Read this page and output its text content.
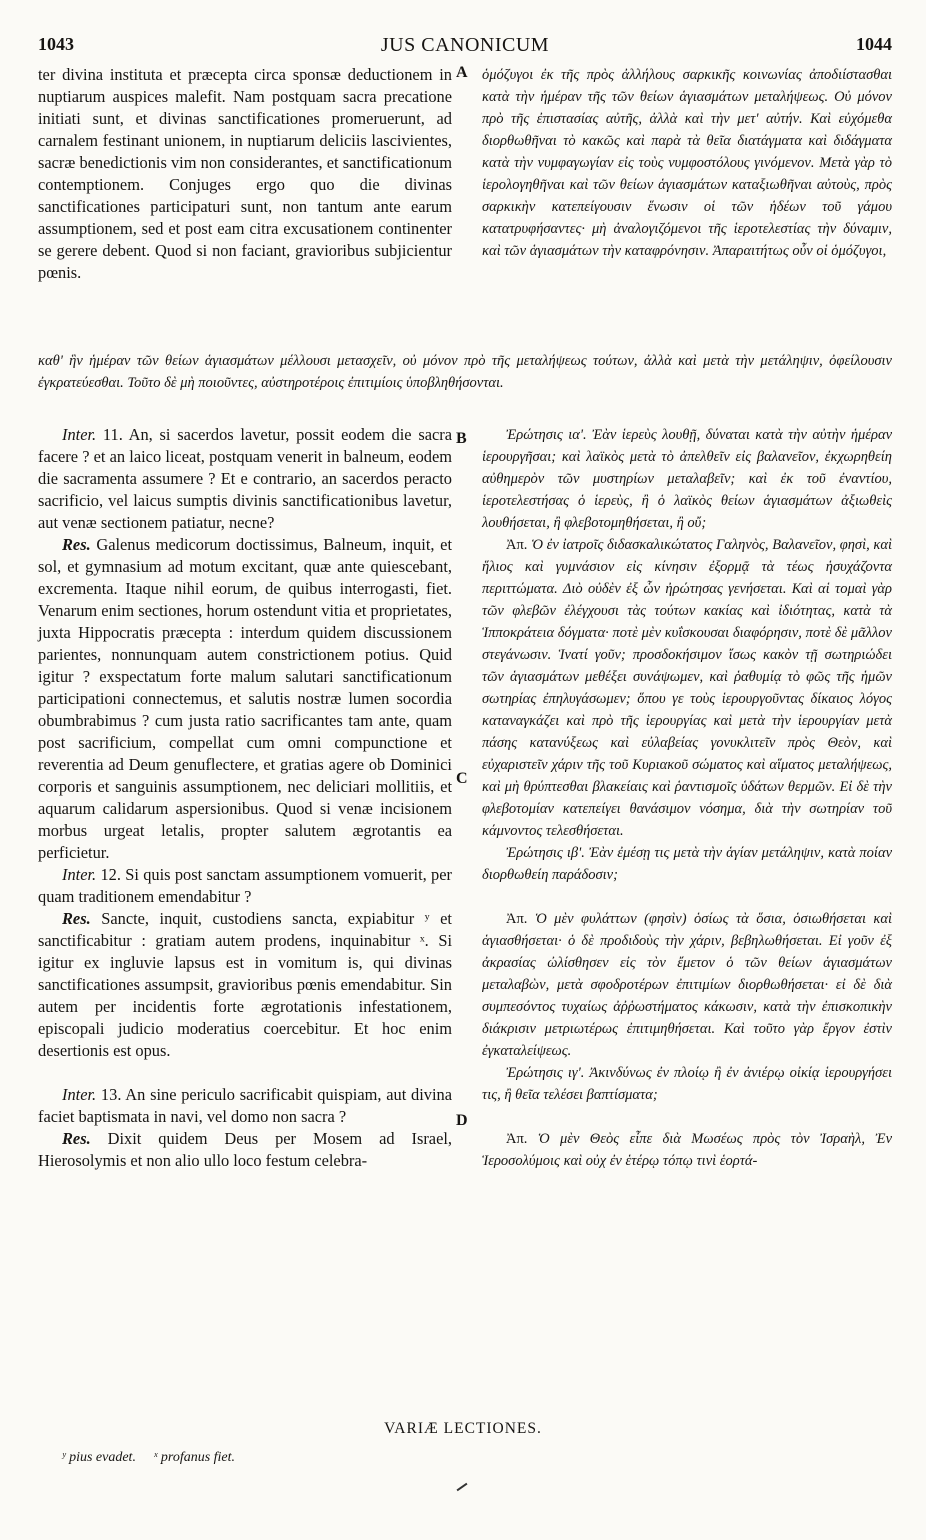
1043	JUS CANONICUM	1044
A
B
C
D

ter divina instituta et præcepta circa sponsæ deductionem in nuptiarum auspices malefit. Nam postquam sacra precatione initiati sunt, et divinas sanctificationes promeruerunt, ad carnalem festinant unionem, in nuptiarum deliciis lascivientes, sacræ benedictionis vim non considerantes, et sanctificationum contemptionem. Conjuges ergo quo die divinas sanctificationes participaturi sunt, non tantum ante earum assumptionem, sed et post eam citra excusationem continenter se gerere debent. Quod si non faciant, gravioribus subjicientur pœnis.

ὁμόζυγοι ἐκ τῆς πρὸς ἀλλήλους σαρκικῆς κοινωνίας ἀποδιίστασθαι κατὰ τὴν ἡμέραν τῆς τῶν θείων ἁγιασμάτων μεταλήψεως. Οὐ μόνον πρὸ τῆς ἐπιστασίας αὐτῆς, ἀλλὰ καὶ τὴν μετ' αὐτήν. Καὶ εὐχόμεθα διορθωθῆναι τὸ κακῶς καὶ παρὰ τὰ θεῖα διατάγματα καὶ διδάγματα κατὰ τὴν νυμφαγωγίαν εἰς τοὺς νυμφοστόλους γινόμενον. Μετὰ γὰρ τὸ ἱερολογηθῆναι καὶ τῶν θείων ἁγιασμάτων καταξιωθῆναι αὐτοὺς, πρὸς σαρκικὴν κατεπείγουσιν ἕνωσιν οἱ τῶν ἡδέων τοῦ γάμου κατατρυφήσαντες· μὴ ἀναλογιζόμενοι τῆς ἱεροτελεστίας τὴν δύναμιν, καὶ τῶν ἁγιασμάτων τὴν καταφρόνησιν. Ἀπαραιτήτως οὖν οἱ ὁμόζυγοι,

καθ' ἣν ἡμέραν τῶν θείων ἁγιασμάτων μέλλουσι μετασχεῖν, οὐ μόνον πρὸ τῆς μεταλήψεως τούτων, ἀλλὰ καὶ μετὰ τὴν μετάληψιν, ὀφείλουσιν ἐγκρατεύεσθαι. Τοῦτο δὲ μὴ ποιοῦντες, αὐστηροτέροις ἐπιτιμίοις ὑποβληθήσονται.

Inter. 11. An, si sacerdos lavetur, possit eodem die sacra facere ? et an laico liceat, postquam venerit in balneum, eodem die sacramenta assumere ? Et e contrario, an sacerdos peracto sacrificio, vel laicus sumptis divinis sanctificationibus lavetur, aut venæ sectionem patiatur, necne?

Res. Galenus medicorum doctissimus, Balneum, inquit, et sol, et gymnasium ad motum excitant, quæ ante quiescebant, excrementa. Itaque nihil eorum, de quibus interrogasti, fiet. Venarum enim sectiones, horum ostendunt vitia et proprietates, juxta Hippocratis præcepta : interdum quidem discussionem parientes, nonnunquam autem constrictionem potius. Quid igitur ? exspectatum forte malum salutari sanctificationum participationi connectemus, et salutis nostræ lumen socordia obumbrabimus ? cum justa ratio sacrificantes tam ante, quam post sacrificium, compellat cum omni compunctione et reverentia ad Deum genuflectere, et gratias agere ob Dominici corporis et sanguinis assumptionem, nec deliciari mollitiis, et aquarum calidarum aspersionibus. Quod si venæ incisionem morbus urgeat letalis, propter salutem ægrotantis ea perficietur.

Inter. 12. Si quis post sanctam assumptionem vomuerit, per quam traditionem emendabitur ?

Res. Sancte, inquit, custodiens sancta, expiabitur ʸ et sanctificabitur : gratiam autem prodens, inquinabitur ˣ. Si igitur ex ingluvie lapsus est in vomitum is, qui divinas sanctificationes assumpsit, gravioribus pœnis emendabitur. Sin autem per incidentis forte ægrotationis infestationem, episcopali judicio moderatius coercebitur. Et hoc enim desertionis est opus.

Inter. 13. An sine periculo sacrificabit quispiam, aut divina faciet baptismata in navi, vel domo non sacra ?

Res. Dixit quidem Deus per Mosem ad Israel, Hierosolymis et non alio ullo loco festum celebra-

Ἐρώτησις ια'. Ἐὰν ἱερεὺς λουθῇ, δύναται κατὰ τὴν αὐτὴν ἡμέραν ἱερουργῆσαι; καὶ λαϊκὸς μετὰ τὸ ἀπελθεῖν εἰς βαλανεῖον, ἐκχωρηθείη αὐθημερὸν τῶν μυστηρίων μεταλαβεῖν; καὶ ἐκ τοῦ ἐναντίου, ἱεροτελεστήσας ὁ ἱερεὺς, ἢ ὁ λαϊκὸς θείων ἁγιασμάτων ἀξιωθεὶς λουθήσεται, ἢ φλεβοτομηθήσεται, ἢ οὔ;

Ἀπ. Ὁ ἐν ἰατροῖς διδασκαλικώτατος Γαληνὸς, Βαλανεῖον, φησὶ, καὶ ἥλιος καὶ γυμνάσιον εἰς κίνησιν ἐξορμᾷ τὰ τέως ἡσυχάζοντα περιττώματα. Διὸ οὐδὲν ἐξ ὧν ἠρώτησας γενήσεται. Καὶ αἱ τομαὶ γὰρ τῶν φλεβῶν ἐλέγχουσι τὰς τούτων κακίας καὶ ἰδιότητας, κατὰ τὰ Ἱπποκράτεια δόγματα· ποτὲ μὲν κυΐσκουσαι διαφόρησιν, ποτὲ δὲ μᾶλλον στεγάνωσιν. Ἱνατί γοῦν; προσδοκήσιμον ἴσως κακὸν τῇ σωτηριώδει τῶν ἁγιασμάτων μεθέξει συνάψωμεν, καὶ ῥαθυμίᾳ τὸ φῶς τῆς ἡμῶν σωτηρίας ἐπηλυγάσωμεν; ὅπου γε τοὺς ἱερουργοῦντας δίκαιος λόγος καταναγκάζει καὶ πρὸ τῆς ἱερουργίας καὶ μετὰ τὴν ἱερουργίαν μετὰ πάσης κατανύξεως καὶ εὐλαβείας γονυκλιτεῖν πρὸς Θεὸν, καὶ εὐχαριστεῖν χάριν τῆς τοῦ Κυριακοῦ σώματος καὶ αἵματος μεταλήψεως, καὶ μὴ θρύπτεσθαι βλακείαις καὶ ῥαντισμοῖς ὑδάτων θερμῶν. Εἰ δὲ τὴν φλεβοτομίαν κατεπείγει θανάσιμον νόσημα, διὰ τὴν σωτηρίαν τοῦ κάμνοντος τελεσθήσεται.

Ἐρώτησις ιβ'. Ἐὰν ἐμέσῃ τις μετὰ τὴν ἁγίαν μετάληψιν, κατὰ ποίαν διορθωθείη παράδοσιν;

Ἀπ. Ὁ μὲν φυλάττων (φησὶν) ὁσίως τὰ ὅσια, ὁσιωθήσεται καὶ ἁγιασθήσεται· ὁ δὲ προδιδοὺς τὴν χάριν, βεβηλωθήσεται. Εἰ γοῦν ἐξ ἀκρασίας ὠλίσθησεν εἰς τὸν ἔμετον ὁ τῶν θείων ἁγιασμάτων μεταλαβὼν, μετὰ σφοδροτέρων ἐπιτιμίων διορθωθήσεται· εἰ δὲ διὰ συμπεσόντος τυχαίως ἀῤῥωστήματος κάκωσιν, κατὰ τὴν ἐπισκοπικὴν διάκρισιν μετριωτέρως ἐπιτιμηθήσεται. Καὶ τοῦτο γὰρ ἔργον ἐστὶν ἐγκαταλείψεως.

Ἐρώτησις ιγ'. Ἀκινδύνως ἐν πλοίῳ ἢ ἐν ἀνιέρῳ οἰκίᾳ ἱερουργήσει τις, ἢ θεῖα τελέσει βαπτίσματα;

Ἀπ. Ὁ μὲν Θεὸς εἶπε διὰ Μωσέως πρὸς τὸν Ἰσραὴλ, Ἐν Ἱεροσολύμοις καὶ οὐχ ἐν ἑτέρῳ τόπῳ τινὶ ἑορτά-

VARIÆ LECTIONES.
ʸ pius evadet. ˣ profanus fiet.
